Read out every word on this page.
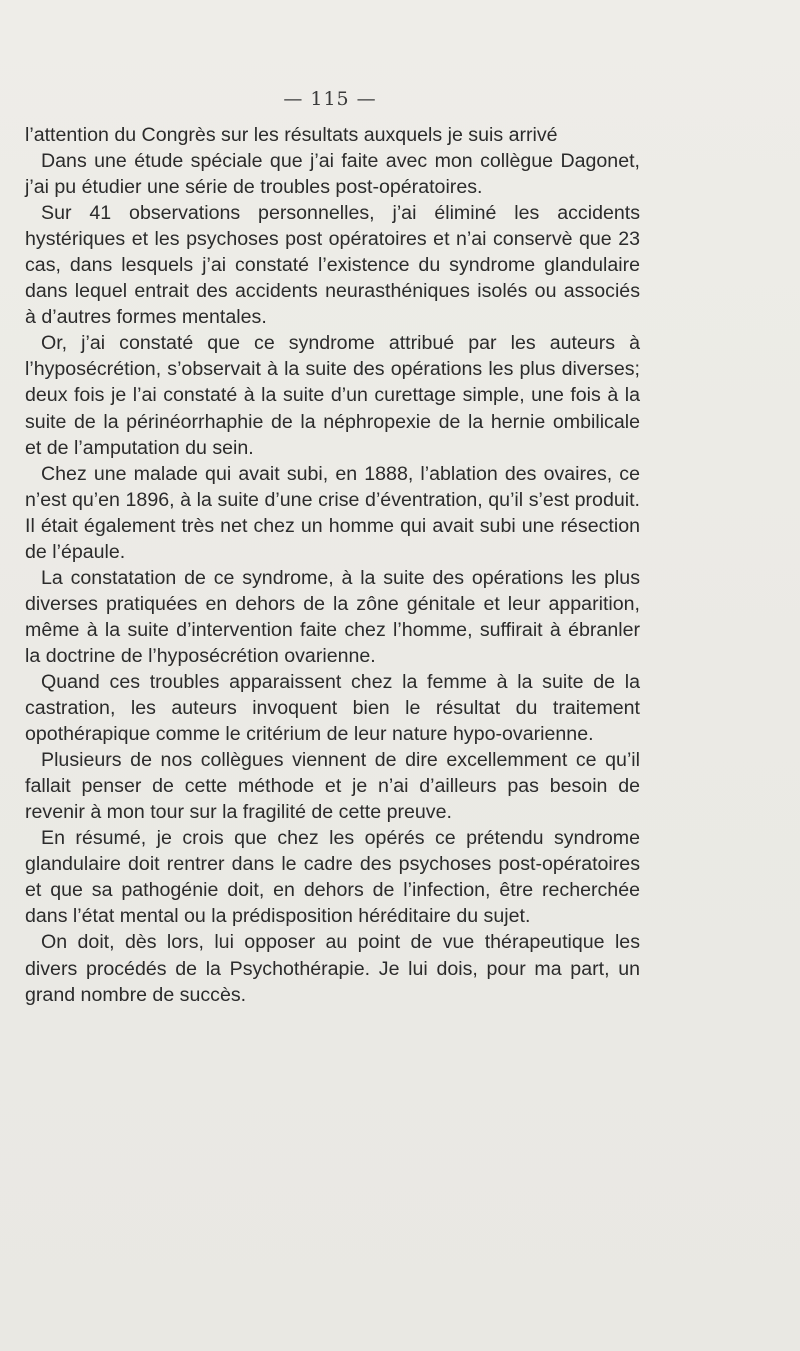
— 115 —

l’attention du Congrès sur les résultats auxquels je suis arrivé

Dans une étude spéciale que j’ai faite avec mon collègue Dagonet, j’ai pu étudier une série de troubles post-opératoires.

Sur 41 observations personnelles, j’ai éliminé les accidents hystériques et les psychoses post opératoires et n’ai conservè que 23 cas, dans lesquels j’ai constaté l’existence du syndrome glandulaire dans lequel entrait des accidents neurasthéniques isolés ou associés à d’autres formes mentales.

Or, j’ai constaté que ce syndrome attribué par les auteurs à l’hyposécrétion, s’observait à la suite des opérations les plus diverses; deux fois je l’ai constaté à la suite d’un curettage simple, une fois à la suite de la périnéorrhaphie de la néphropexie de la hernie ombilicale et de l’amputation du sein.

Chez une malade qui avait subi, en 1888, l’ablation des ovaires, ce n’est qu’en 1896, à la suite d’une crise d’éventration, qu’il s’est produit. Il était également très net chez un homme qui avait subi une résection de l’épaule.

La constatation de ce syndrome, à la suite des opérations les plus diverses pratiquées en dehors de la zône génitale et leur apparition, même à la suite d’intervention faite chez l’homme, suffirait à ébranler la doctrine de l’hyposécrétion ovarienne.

Quand ces troubles apparaissent chez la femme à la suite de la castration, les auteurs invoquent bien le résultat du traitement opothérapique comme le critérium de leur nature hypo-ovarienne.

Plusieurs de nos collègues viennent de dire excellemment ce qu’il fallait penser de cette méthode et je n’ai d’ailleurs pas besoin de revenir à mon tour sur la fragilité de cette preuve.

En résumé, je crois que chez les opérés ce prétendu syndrome glandulaire doit rentrer dans le cadre des psychoses post-opératoires et que sa pathogénie doit, en dehors de l’infection, être recherchée dans l’état mental ou la prédisposition héréditaire du sujet.

On doit, dès lors, lui opposer au point de vue thérapeutique les divers procédés de la Psychothérapie. Je lui dois, pour ma part, un grand nombre de succès.
